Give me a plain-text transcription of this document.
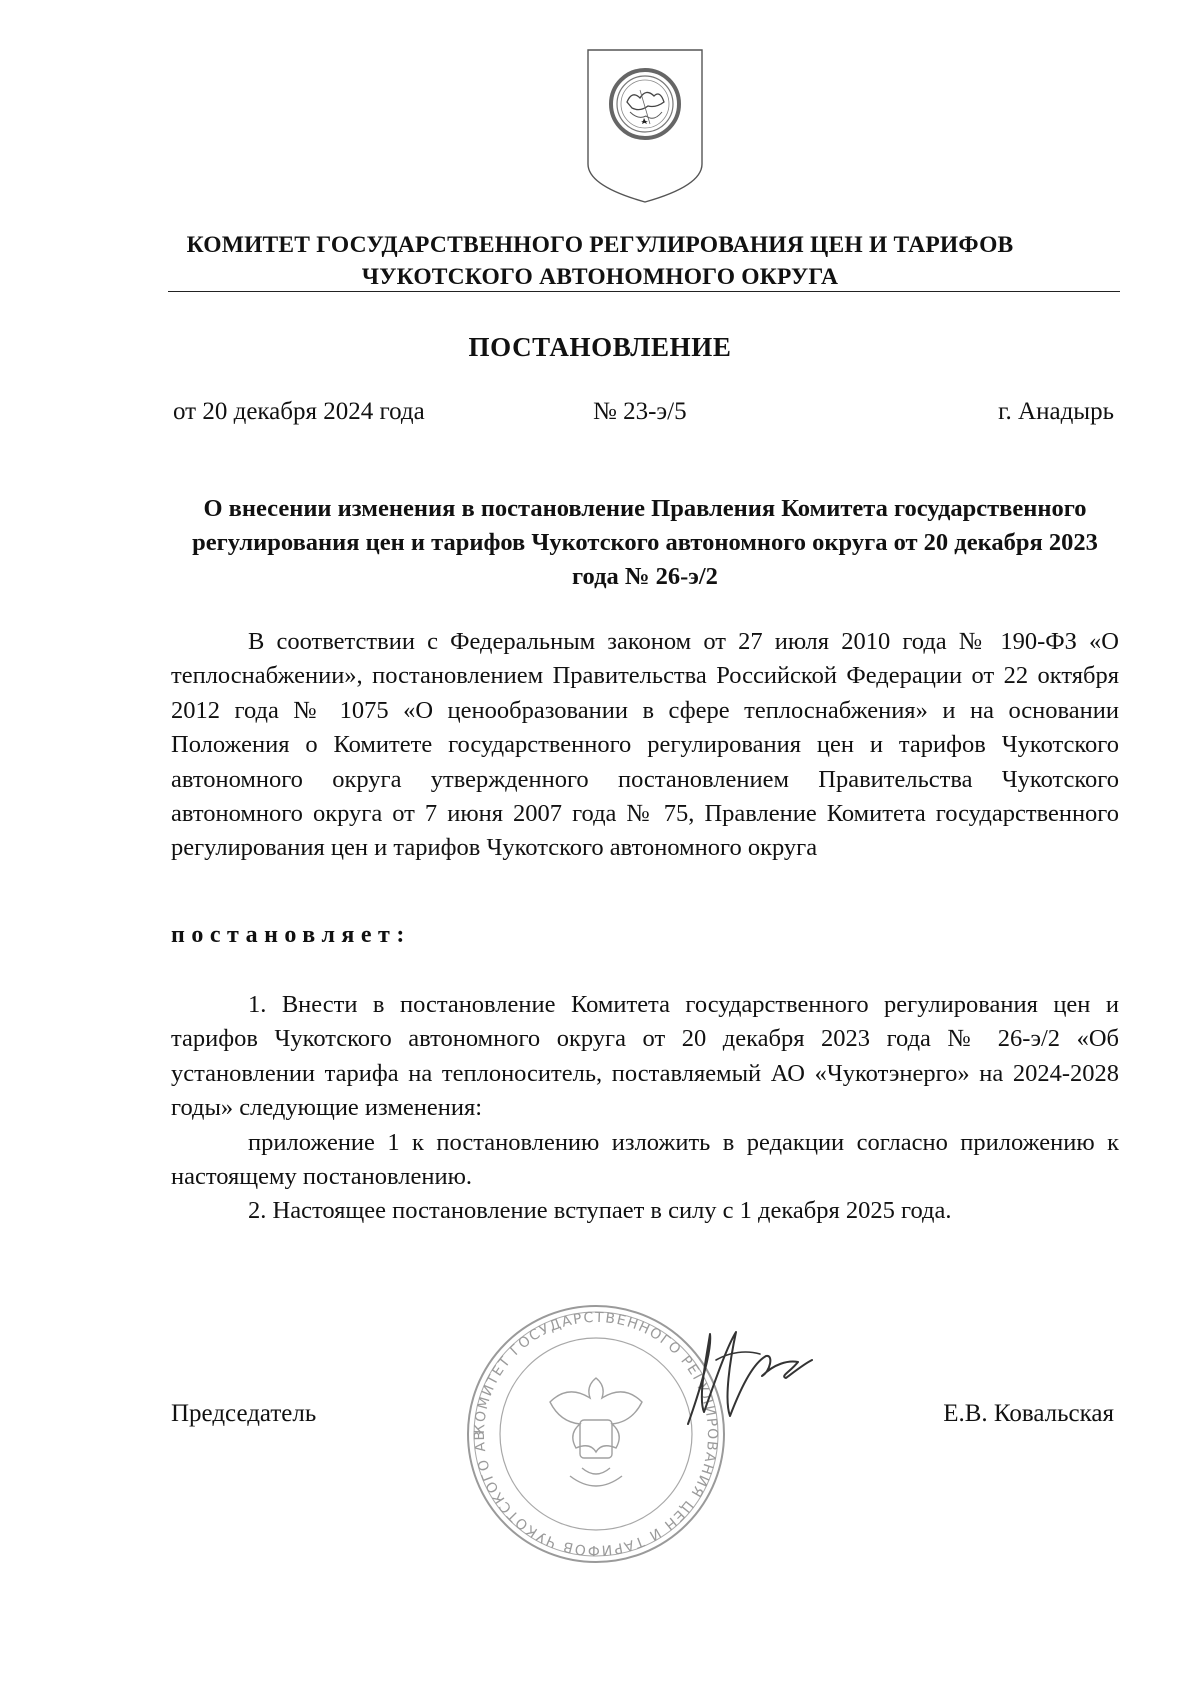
КОМИТЕТ ГОСУДАРСТВЕННОГО РЕГУЛИРОВАНИЯ ЦЕН И ТАРИФОВ
ЧУКОТСКОГО АВТОНОМНОГО ОКРУГА
ПОСТАНОВЛЕНИЕ
от 20 декабря 2024 года	№ 23-э/5	г. Анадырь
О внесении изменения в постановление Правления Комитета государственного регулирования цен и тарифов Чукотского автономного округа от 20 декабря 2023 года № 26-э/2

В соответствии с Федеральным законом от 27 июля 2010 года № 190-ФЗ «О теплоснабжении», постановлением Правительства Российской Федерации от 22 октября 2012 года № 1075 «О ценообразовании в сфере теплоснабжения» и на основании Положения о Комитете государственного регулирования цен и тарифов Чукотского автономного округа утвержденного постановлением Правительства Чукотского автономного округа от 7 июня 2007 года № 75, Правление Комитета государственного регулирования цен и тарифов Чукотского автономного округа

постановляет:

1. Внести в постановление Комитета государственного регулирования цен и тарифов Чукотского автономного округа от 20 декабря 2023 года № 26-э/2 «Об установлении тарифа на теплоноситель, поставляемый АО «Чукотэнерго» на 2024-2028 годы» следующие изменения:

приложение 1 к постановлению изложить в редакции согласно приложению к настоящему постановлению.

2. Настоящее постановление вступает в силу с 1 декабря 2025 года.

КОМИТЕТ ГОСУДАРСТВЕННОГО РЕГУЛИРОВАНИЯ ЦЕН И ТАРИФОВ ЧУКОТСКОГО АВ
Председатель	Е.В. Ковальская
